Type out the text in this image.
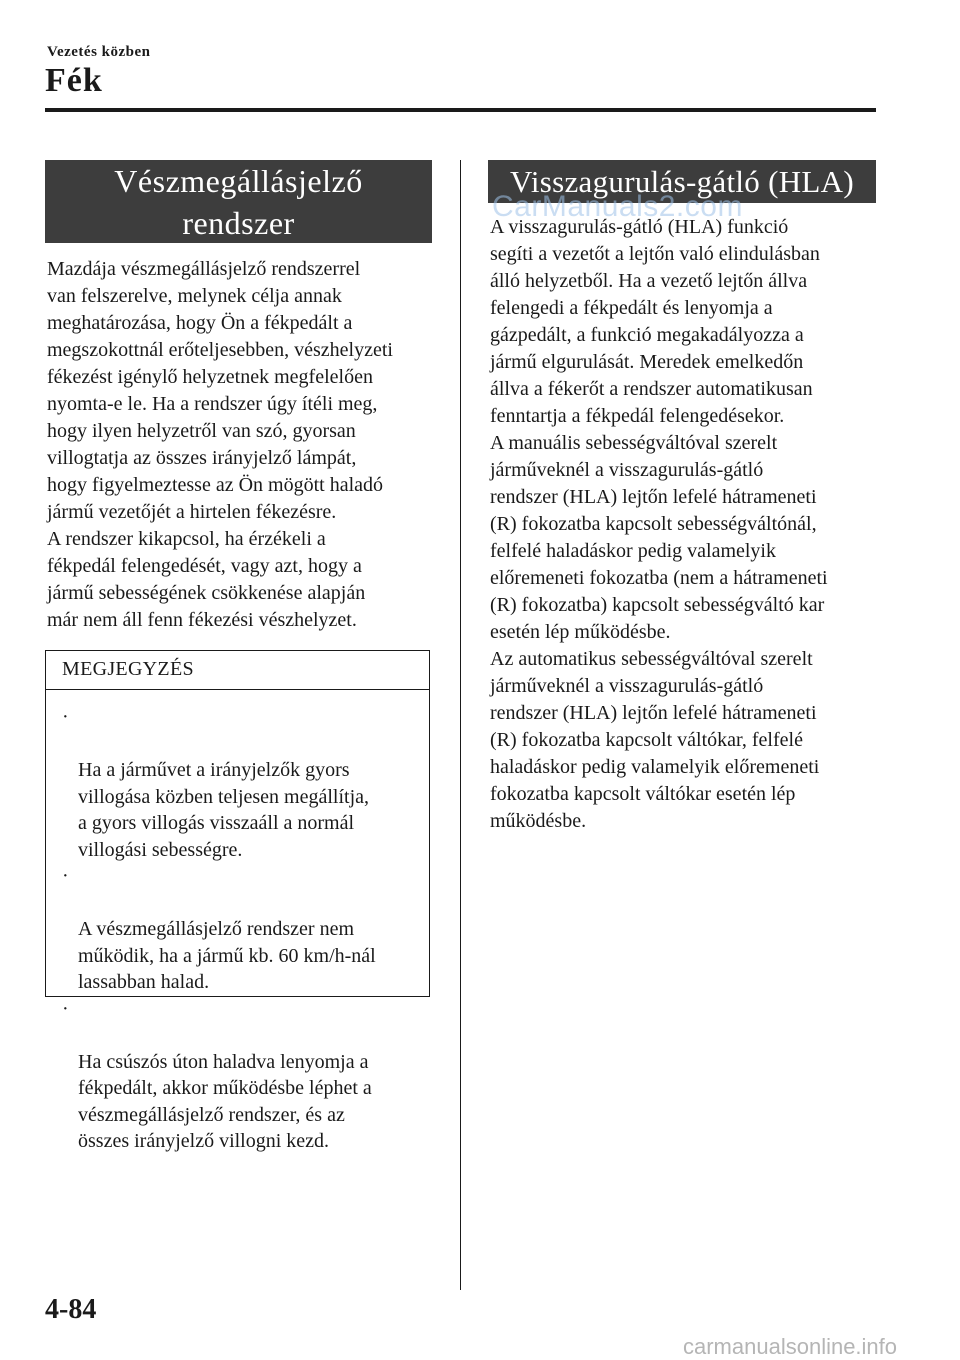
Vezetés közben
Fék
Vészmegállásjelző
rendszer
Mazdája vészmegállásjelző rendszerrel
van felszerelve, melynek célja annak
meghatározása, hogy Ön a fékpedált a
megszokottnál erőteljesebben, vészhelyzeti
fékezést igénylő helyzetnek megfelelően
nyomta-e le. Ha a rendszer úgy ítéli meg,
hogy ilyen helyzetről van szó, gyorsan
villogtatja az összes irányjelző lámpát,
hogy figyelmeztesse az Ön mögött haladó
jármű vezetőjét a hirtelen fékezésre.
A rendszer kikapcsol, ha érzékeli a
fékpedál felengedését, vagy azt, hogy a
jármű sebességének csökkenése alapján
már nem áll fenn fékezési vészhelyzet.
MEGJEGYZÉS

·

Ha a járművet a irányjelzők gyors
villogása közben teljesen megállítja,
a gyors villogás visszaáll a normál
villogási sebességre.

·

A vészmegállásjelző rendszer nem
működik, ha a jármű kb. 60 km/h-nál
lassabban halad.

·

Ha csúszós úton haladva lenyomja a
fékpedált, akkor működésbe léphet a
vészmegállásjelző rendszer, és az
összes irányjelző villogni kezd.

Visszagurulás-gátló (HLA)
CarManuals2.com
A visszagurulás-gátló (HLA) funkció
segíti a vezetőt a lejtőn való elindulásban
álló helyzetből. Ha a vezető lejtőn állva
felengedi a fékpedált és lenyomja a
gázpedált, a funkció megakadályozza a
jármű elgurulását. Meredek emelkedőn
állva a fékerőt a rendszer automatikusan
fenntartja a fékpedál felengedésekor.
A manuális sebességváltóval szerelt
járműveknél a visszagurulás-gátló
rendszer (HLA) lejtőn lefelé hátrameneti
(R) fokozatba kapcsolt sebességváltónál,
felfelé haladáskor pedig valamelyik
előremeneti fokozatba (nem a hátrameneti
(R) fokozatba) kapcsolt sebességváltó kar
esetén lép működésbe.
Az automatikus sebességváltóval szerelt
járműveknél a visszagurulás-gátló
rendszer (HLA) lejtőn lefelé hátrameneti
(R) fokozatba kapcsolt váltókar, felfelé
haladáskor pedig valamelyik előremeneti
fokozatba kapcsolt váltókar esetén lép
működésbe.
4-84
carmanualsonline.info
